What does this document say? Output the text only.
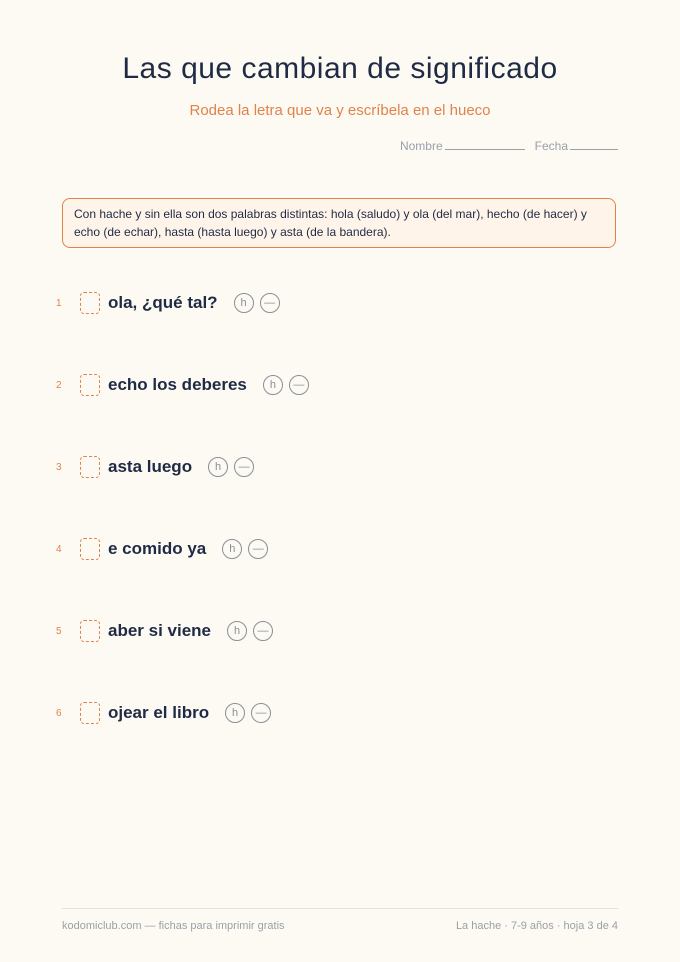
Las que cambian de significado
Rodea la letra que va y escríbela en el hueco
Nombre	Fecha
Con hache y sin ella son dos palabras distintas: hola (saludo) y ola (del mar), hecho (de hacer) y echo (de echar), hasta (hasta luego) y asta (de la bandera).
1	ola, ¿qué tal?	h	—
2	echo los deberes	h	—
3	asta luego	h	—
4	e comido ya	h	—
5	aber si viene	h	—
6	ojear el libro	h	—
kodomiclub.com — fichas para imprimir gratis	La hache · 7-9 años · hoja 3 de 4
